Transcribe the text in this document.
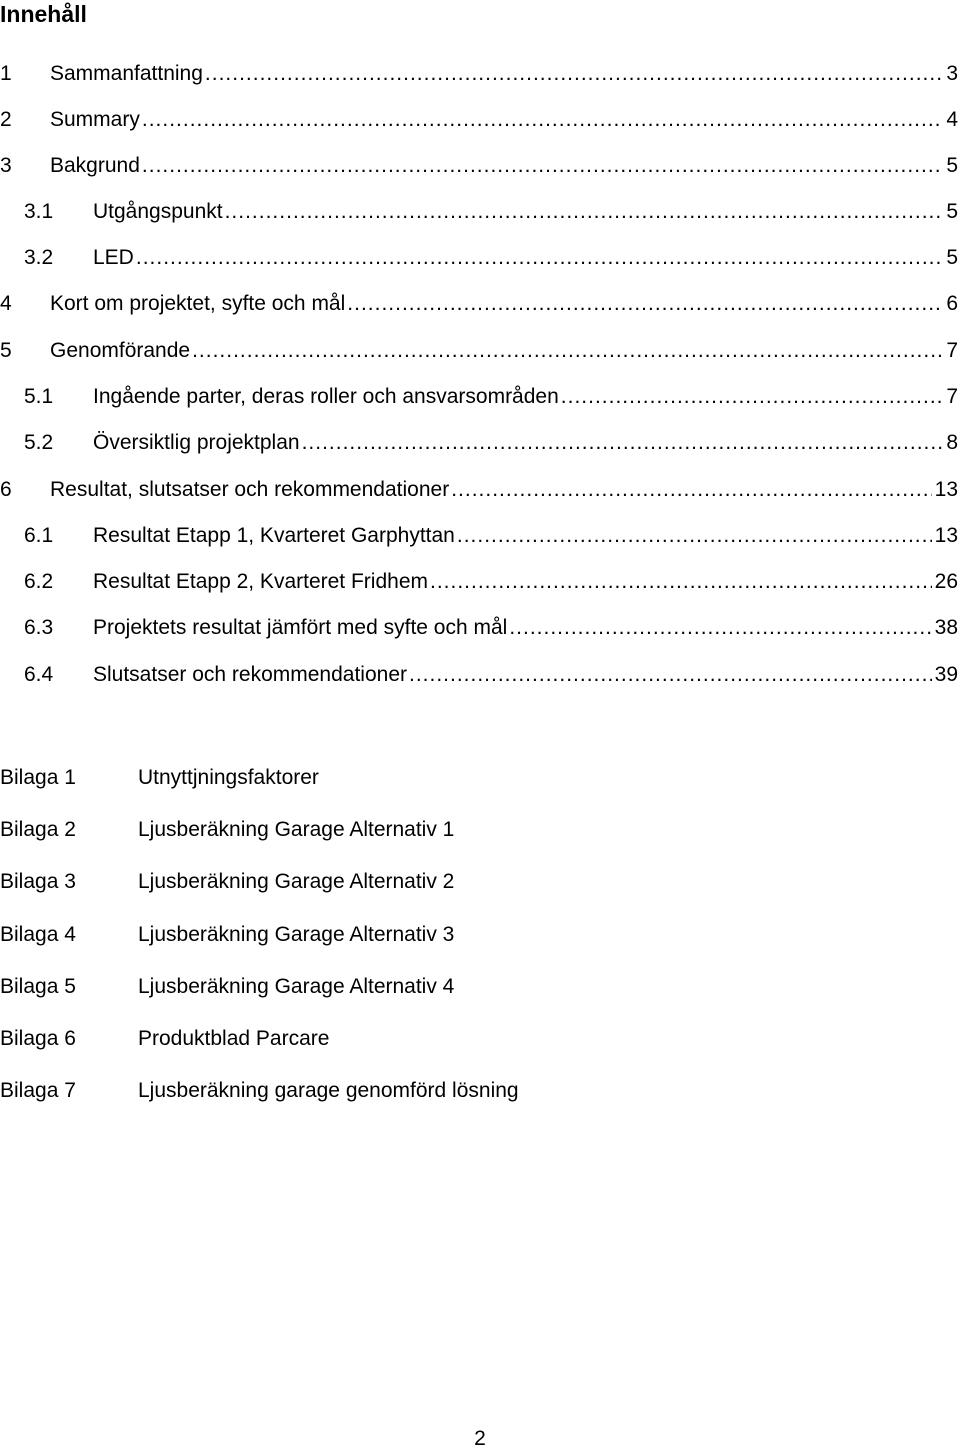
Innehåll
1	Sammanfattning .....	3
2	Summary .....	4
3	Bakgrund .....	5
3.1	Utgångspunkt .....	5
3.2	LED .....	5
4	Kort om projektet, syfte och mål .....	6
5	Genomförande .....	7
5.1	Ingående parter, deras roller och ansvarsområden .....	7
5.2	Översiktlig projektplan .....	8
6	Resultat, slutsatser och rekommendationer .....	13
6.1	Resultat Etapp 1, Kvarteret Garphyttan .....	13
6.2	Resultat Etapp 2, Kvarteret Fridhem .....	26
6.3	Projektets resultat jämfört med syfte och mål .....	38
6.4	Slutsatser och rekommendationer .....	39
Bilaga 1	Utnyttjningsfaktorer
Bilaga 2	Ljusberäkning Garage Alternativ 1
Bilaga 3	Ljusberäkning Garage Alternativ 2
Bilaga 4	Ljusberäkning Garage Alternativ 3
Bilaga 5	Ljusberäkning Garage Alternativ 4
Bilaga 6	Produktblad Parcare
Bilaga 7	Ljusberäkning garage genomförd lösning
2
